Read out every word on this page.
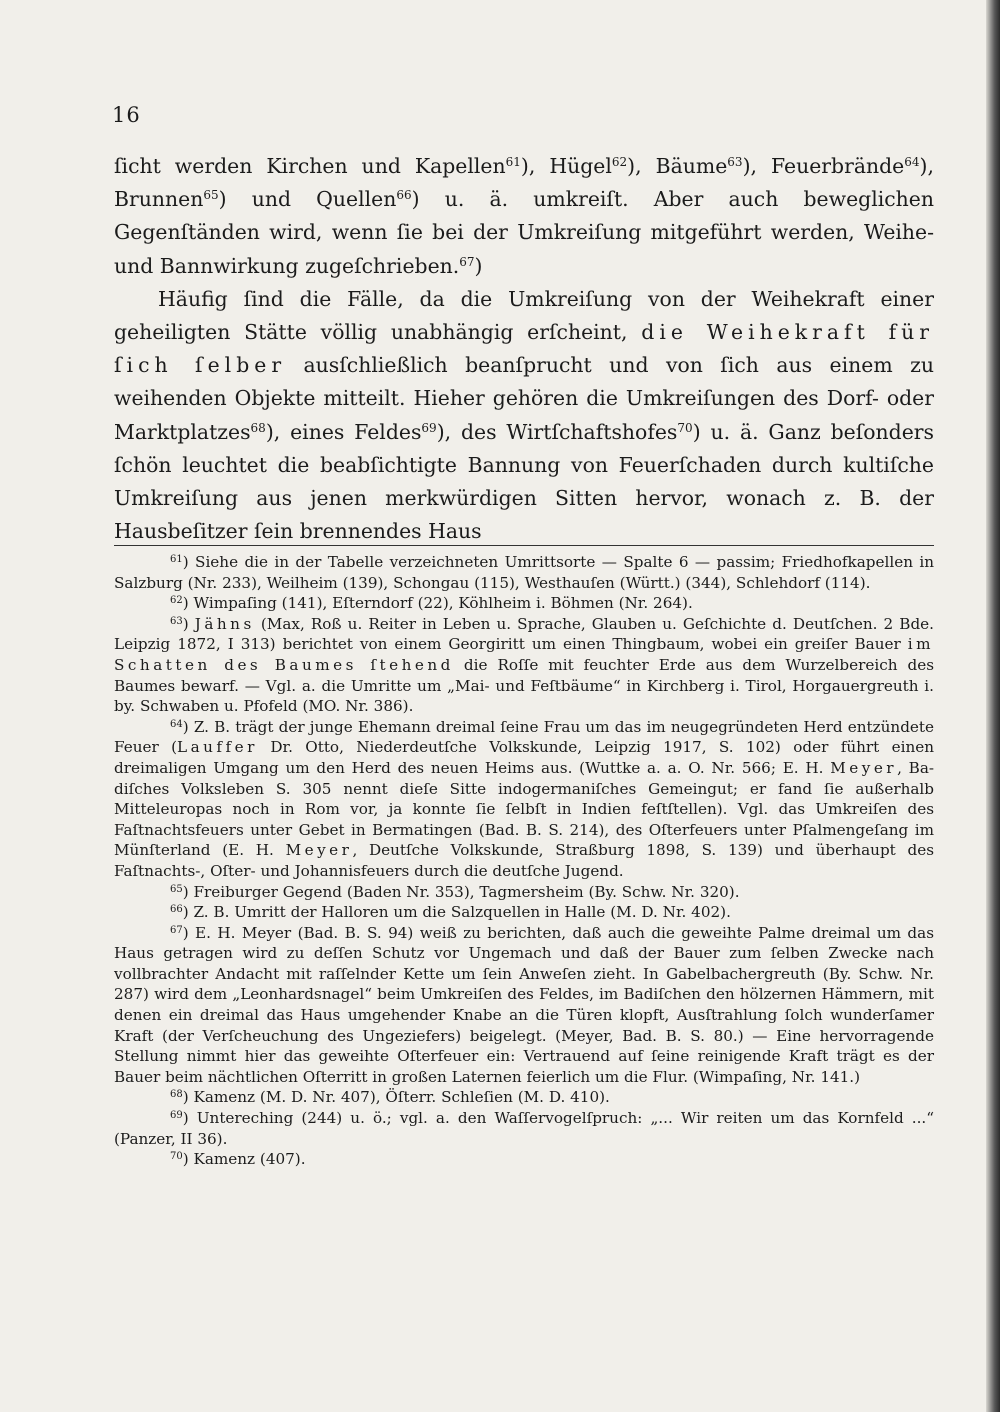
16

ſicht werden Kirchen und Kapellen$^{61}$), Hügel$^{62}$), Bäume$^{63}$), Feuerbrände$^{64}$), Brunnen$^{65}$) und Quellen$^{66}$) u. ä. umkreiſt. Aber auch beweglichen Gegenſtänden wird, wenn ſie bei der Umkreiſung mitgeführt werden, Weihe- und Bannwirkung zugeſchrieben.$^{67}$)

Häufig ſind die Fälle, da die Umkreiſung von der Weihekraft einer geheiligten Stätte völlig unabhängig erſcheint, die Weihekraft für ſich ſelber ausſchließlich beanſprucht und von ſich aus einem zu weihenden Objekte mitteilt. Hieher gehören die Umkreiſungen des Dorf- oder Marktplatzes$^{68}$), eines Feldes$^{69}$), des Wirtſchaftshofes$^{70}$) u. ä. Ganz beſonders ſchön leuchtet die beabſichtigte Bannung von Feuerſchaden durch kultiſche Umkreiſung aus jenen merkwürdigen Sitten hervor, wonach z. B. der Hausbeſitzer ſein brennendes Haus

$^{61}$) Siehe die in der Tabelle verzeichneten Umrittsorte — Spalte 6 — passim; Friedhofkapellen in Salzburg (Nr. 233), Weilheim (139), Schongau (115), Westhauſen (Württ.) (344), Schlehdorf (114).

$^{62}$) Wimpaſing (141), Eſterndorf (22), Köhlheim i. Böhmen (Nr. 264).

$^{63}$) Jähns (Max, Roß u. Reiter in Leben u. Sprache, Glauben u. Geſchichte d. Deutſchen. 2 Bde. Leipzig 1872, I 313) berichtet von einem Georgiritt um einen Thingbaum, wobei ein greiſer Bauer im Schatten des Baumes ſtehend die Roſſe mit feuchter Erde aus dem Wurzelbereich des Baumes bewarf. — Vgl. a. die Umritte um „Mai- und Feſtbäume“ in Kirchberg i. Tirol, Horgauergreuth i. by. Schwaben u. Pfofeld (MO. Nr. 386).

$^{64}$) Z. B. trägt der junge Ehemann dreimal ſeine Frau um das im neugegründeten Herd entzündete Feuer (Lauffer Dr. Otto, Niederdeutſche Volkskunde, Leipzig 1917, S. 102) oder führt einen dreimaligen Umgang um den Herd des neuen Heims aus. (Wuttke a. a. O. Nr. 566; E. H. Meyer, Badiſches Volksleben S. 305 nennt dieſe Sitte indogermaniſches Gemeingut; er fand ſie außerhalb Mitteleuropas noch in Rom vor, ja konnte ſie ſelbſt in Indien feſtſtellen). Vgl. das Umkreiſen des Faſtnachtsfeuers unter Gebet in Bermatingen (Bad. B. S. 214), des Oſterfeuers unter Pſalmengeſang im Münſterland (E. H. Meyer, Deutſche Volkskunde, Straßburg 1898, S. 139) und überhaupt des Faſtnachts-, Oſter- und Johannisfeuers durch die deutſche Jugend.

$^{65}$) Freiburger Gegend (Baden Nr. 353), Tagmersheim (By. Schw. Nr. 320).

$^{66}$) Z. B. Umritt der Halloren um die Salzquellen in Halle (M. D. Nr. 402).

$^{67}$) E. H. Meyer (Bad. B. S. 94) weiß zu berichten, daß auch die geweihte Palme dreimal um das Haus getragen wird zu deſſen Schutz vor Ungemach und daß der Bauer zum ſelben Zwecke nach vollbrachter Andacht mit raſſelnder Kette um ſein Anweſen zieht. In Gabelbachergreuth (By. Schw. Nr. 287) wird dem „Leonhardsnagel“ beim Umkreiſen des Feldes, im Badiſchen den hölzernen Hämmern, mit denen ein dreimal das Haus umgehender Knabe an die Türen klopft, Ausſtrahlung ſolch wunderſamer Kraft (der Verſcheuchung des Ungeziefers) beigelegt. (Meyer, Bad. B. S. 80.) — Eine hervorragende Stellung nimmt hier das geweihte Oſterfeuer ein: Vertrauend auf ſeine reinigende Kraft trägt es der Bauer beim nächtlichen Oſterritt in großen Laternen feierlich um die Flur. (Wimpaſing, Nr. 141.)

$^{68}$) Kamenz (M. D. Nr. 407), Öſterr. Schleſien (M. D. 410).

$^{69}$) Untereching (244) u. ö.; vgl. a. den Waſſervogelſpruch: „... Wir reiten um das Kornfeld ...“ (Panzer, II 36).

$^{70}$) Kamenz (407).
